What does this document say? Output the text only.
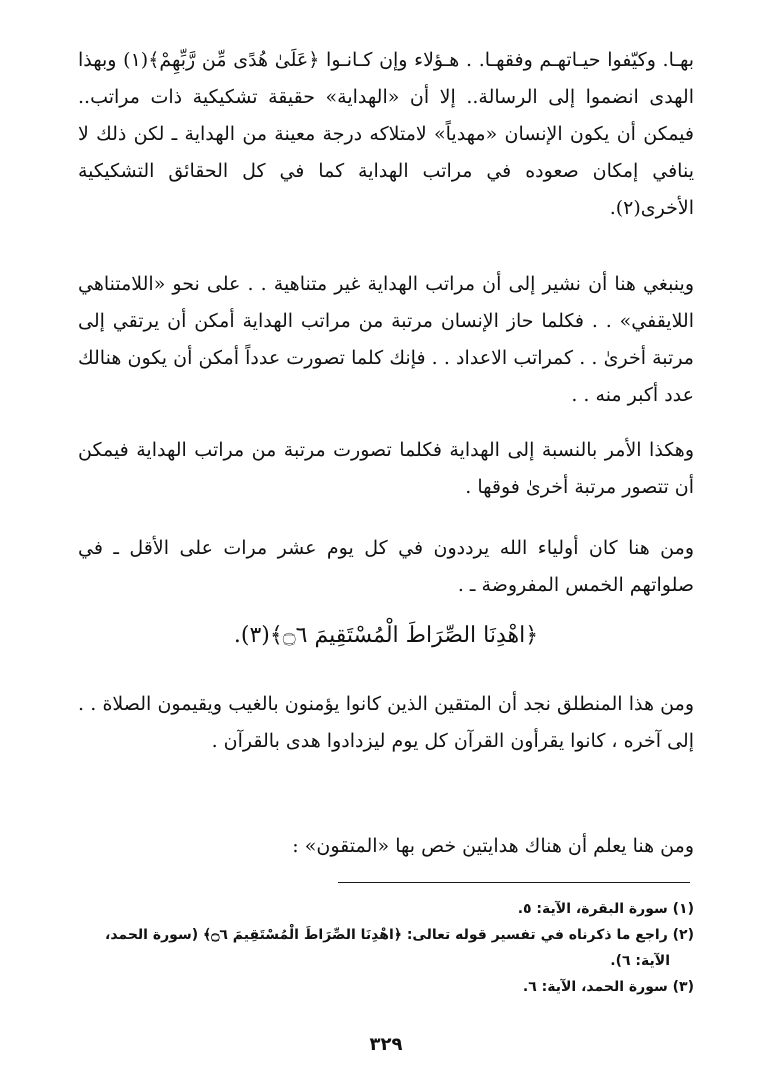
بهـا. وكيّفوا حيـاتهـم وفقهـا. . هـؤلاء وإن كـانـوا ﴿عَلَىٰ هُدًى مِّن رَّبِّهِمْ﴾(١) وبهذا الهدى انضموا إلى الرسالة.. إلا أن «الهداية» حقيقة تشكيكية ذات مراتب.. فيمكن أن يكون الإنسان «مهدياً» لامتلاكه درجة معينة من الهداية ـ لكن ذلك لا ينافي إمكان صعوده في مراتب الهداية كما في كل الحقائق التشكيكية الأخرى(٢).

وينبغي هنا أن نشير إلى أن مراتب الهداية غير متناهية . . على نحو «اللامتناهي اللايقفي» . . فكلما حاز الإنسان مرتبة من مراتب الهداية أمكن أن يرتقي إلى مرتبة أخرىٰ . . كمراتب الاعداد . . فإنك كلما تصورت عدداً أمكن أن يكون هنالك عدد أكبر منه . .

وهكذا الأمر بالنسبة إلى الهداية فكلما تصورت مرتبة من مراتب الهداية فيمكن أن تتصور مرتبة أخرىٰ فوقها .

ومن هنا كان أولياء الله يرددون في كل يوم عشر مرات على الأقل ـ في صلواتهم الخمس المفروضة ـ .

﴿اهْدِنَا الصِّرَاطَ الْمُسْتَقِيمَ ۝٦﴾(٣).

ومن هذا المنطلق نجد أن المتقين الذين كانوا يؤمنون بالغيب ويقيمون الصلاة . . إلى آخره ، كانوا يقرأون القرآن كل يوم ليزدادوا هدى بالقرآن .

ومن هنا يعلم أن هناك هدايتين خص بها «المتقون» :

(١) سورة البقرة، الآية: ٥.
(٢) راجع ما ذكرناه في تفسير قوله تعالى: ﴿اهْدِنَا الصِّرَاطَ الْمُسْتَقِيمَ ۝٦﴾ (سورة الحمد،
الآية: ٦).
(٣) سورة الحمد، الآية: ٦.
٣٢٩
